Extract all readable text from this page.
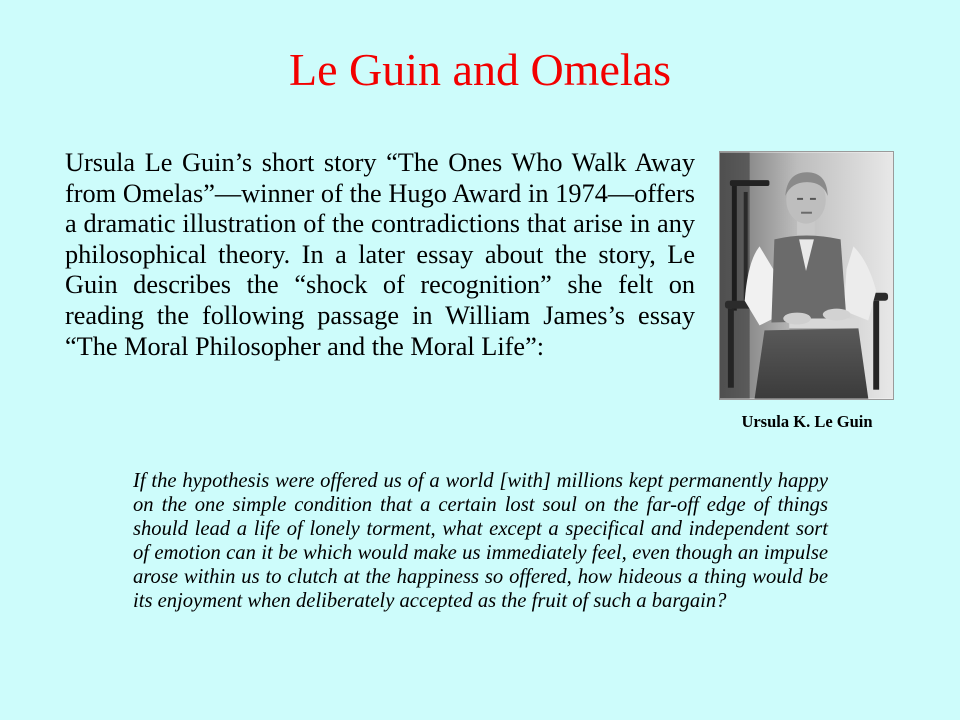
Le Guin and Omelas

Ursula Le Guin’s short story “The Ones Who Walk Away from Omelas”—winner of the Hugo Award in 1974—offers a dramatic illustration of the contradictions that arise in any philosophical theory. In a later essay about the story, Le Guin describes the “shock of recognition” she felt on reading the following passage in William James’s essay “The Moral Philosopher and the Moral Life”:

Ursula K. Le Guin

If the hypothesis were offered us of a world [with] millions kept permanently happy on the one simple condition that a certain lost soul on the far-off edge of things should lead a life of lonely torment, what except a specifical and independent sort of emotion can it be which would make us immediately feel, even though an impulse arose within us to clutch at the happiness so offered, how hideous a thing would be its enjoyment when deliberately accepted as the fruit of such a bargain?
